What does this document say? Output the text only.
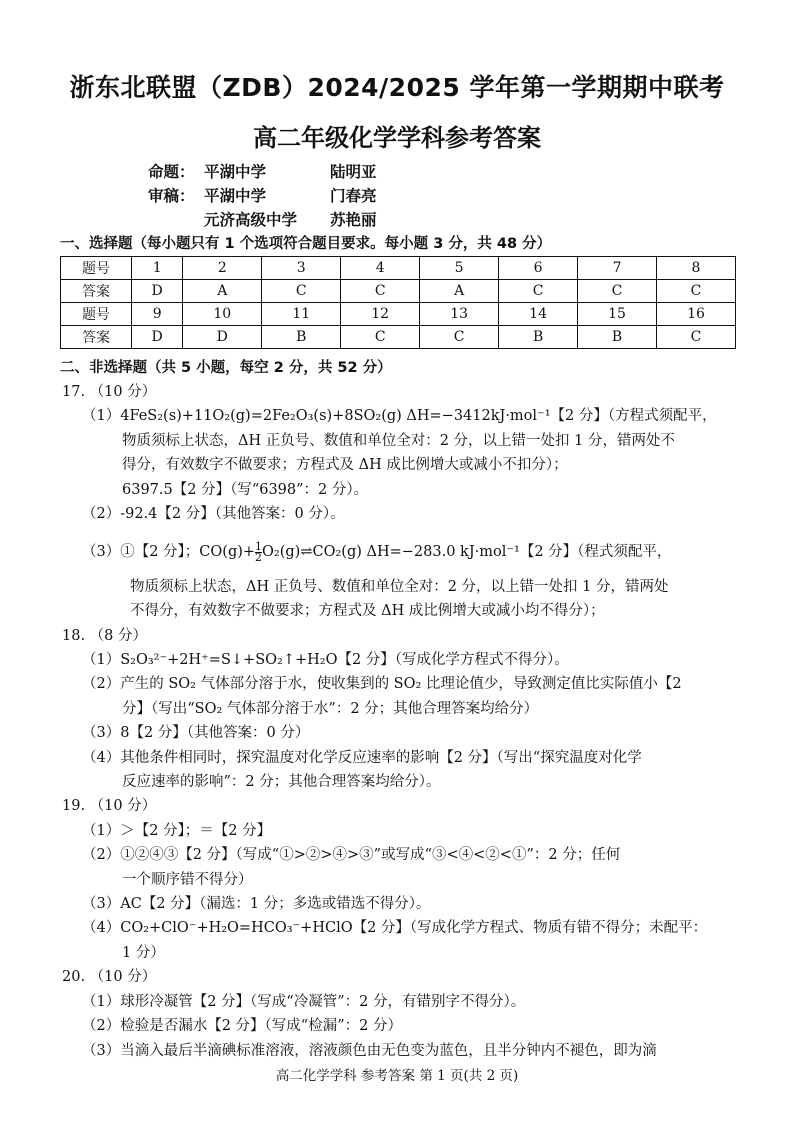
浙东北联盟（ZDB）2024/2025 学年第一学期期中联考
高二年级化学学科参考答案
命题： 平湖中学	陆明亚
审稿： 平湖中学	门春亮
元济高级中学	苏艳丽
一、选择题（每小题只有 1 个选项符合题目要求。每小题 3 分，共 48 分）
题号	1	2	3	4	5	6	7	8
答案	D	A	C	C	A	C	C	C
题号	9	10	11	12	13	14	15	16
答案	D	D	B	C	C	B	B	C
二、非选择题（共 5 小题，每空 2 分，共 52 分）
17. （10 分）
（1）4FeS₂(s)+11O₂(g)=2Fe₂O₃(s)+8SO₂(g) ΔH=−3412kJ·mol⁻¹【2 分】（方程式须配平，
物质须标上状态，ΔH 正负号、数值和单位全对：2 分，以上错一处扣 1 分，错两处不
得分，有效数字不做要求；方程式及 ΔH 成比例增大或减小不扣分）；
6397.5【2 分】（写“6398”：2 分）。
（2）-92.4【2 分】（其他答案：0 分）。
（3）①【2 分】；$CO(g)+ \frac{1}{2}$ O₂(g)⇌CO₂(g) ΔH=−283.0 kJ·mol⁻¹【2 分】（程式须配平，
物质须标上状态，ΔH 正负号、数值和单位全对：2 分，以上错一处扣 1 分，错两处
不得分，有效数字不做要求；方程式及 ΔH 成比例增大或减小均不得分）；
18. （8 分）
（1）S₂O₃²⁻+2H⁺=S↓+SO₂↑+H₂O【2 分】（写成化学方程式不得分）。
（2）产生的 SO₂ 气体部分溶于水，使收集到的 SO₂ 比理论值少，导致测定值比实际值小【2
分】（写出“SO₂ 气体部分溶于水”：2 分；其他合理答案均给分）
（3）8【2 分】（其他答案：0 分）
（4）其他条件相同时，探究温度对化学反应速率的影响【2 分】（写出“探究温度对化学
反应速率的影响”：2 分；其他合理答案均给分）。
19. （10 分）
（1）＞【2 分】；＝【2 分】
（2）①②④③【2 分】（写成“①>②>④>③”或写成“③<④<②<①”：2 分；任何
一个顺序错不得分）
（3）AC【2 分】（漏选：1 分；多选或错选不得分）。
（4）CO₂+ClO⁻+H₂O=HCO₃⁻+HClO【2 分】（写成化学方程式、物质有错不得分；未配平：
1 分）
20. （10 分）
（1）球形冷凝管【2 分】（写成“冷凝管”：2 分，有错别字不得分）。
（2）检验是否漏水【2 分】（写成“检漏”：2 分）
（3）当滴入最后半滴碘标准溶液，溶液颜色由无色变为蓝色，且半分钟内不褪色，即为滴
高二化学学科 参考答案 第 1 页(共 2 页)
